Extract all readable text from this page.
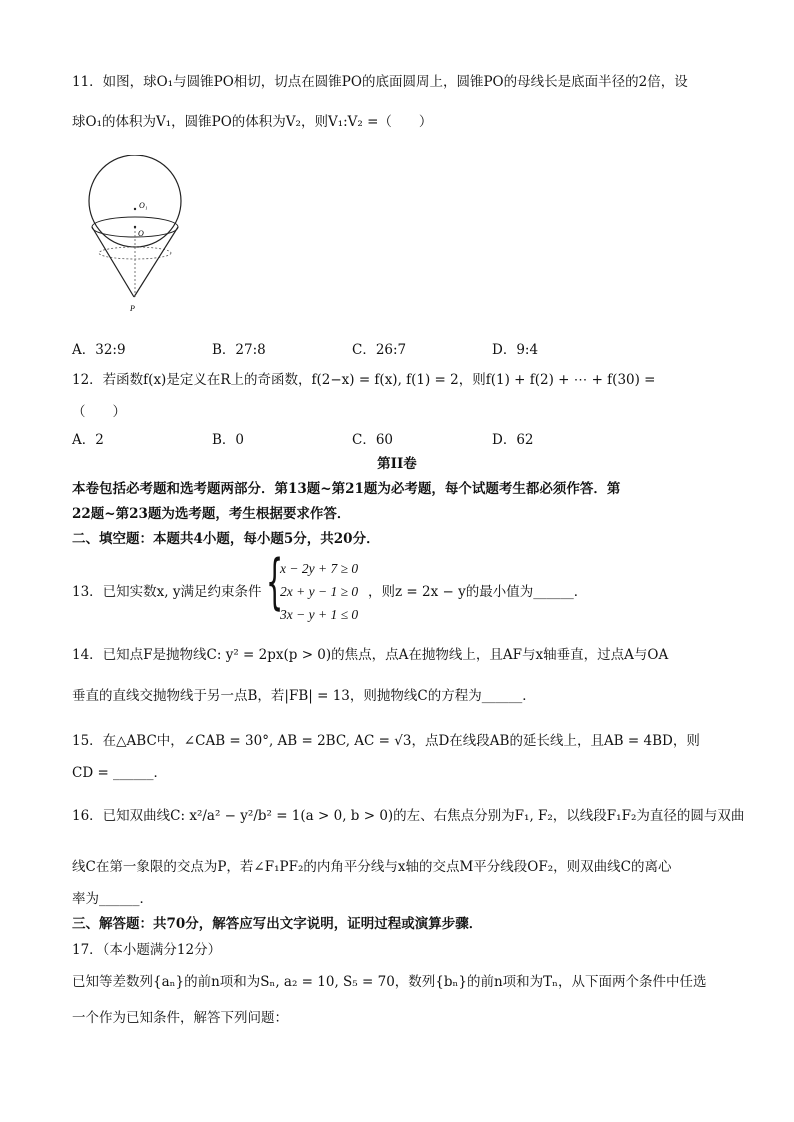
11．如图，球O₁与圆锥PO相切，切点在圆锥PO的底面圆周上，圆锥PO的母线长是底面半径的2倍，设
球O₁的体积为V₁，圆锥PO的体积为V₂，则V₁:V₂ =（　　）
O₁
O
P
A．32:9	B．27:8	C．26:7	D．9:4
12．若函数f(x)是定义在R上的奇函数，f(2−x) = f(x), f(1) = 2，则f(1) + f(2) + ⋯ + f(30) =
（　　）
A．2	B．0	C．60	D．62
第II卷
本卷包括必考题和选考题两部分．第13题~第21题为必考题，每个试题考生都必须作答．第
22题~第23题为选考题，考生根据要求作答．
二、填空题：本题共4小题，每小题5分，共20分．
13．已知实数x, y满足约束条件 {
x − 2y + 7 ≥ 0
2x + y − 1 ≥ 0
3x − y + 1 ≤ 0
，则z = 2x − y的最小值为______．
14．已知点F是抛物线C: y² = 2px(p > 0)的焦点，点A在抛物线上，且AF与x轴垂直，过点A与OA
垂直的直线交抛物线于另一点B，若|FB| = 13，则抛物线C的方程为______．
15．在△ABC中，∠CAB = 30°, AB = 2BC, AC = √3，点D在线段AB的延长线上，且AB = 4BD，则
CD = ______．
16．已知双曲线C: x²/a² − y²/b² = 1(a > 0, b > 0)的左、右焦点分别为F₁, F₂，以线段F₁F₂为直径的圆与双曲
线C在第一象限的交点为P，若∠F₁PF₂的内角平分线与x轴的交点M平分线段OF₂，则双曲线C的离心
率为______．
三、解答题：共70分，解答应写出文字说明，证明过程或演算步骤．
17．（本小题满分12分）
已知等差数列{aₙ}的前n项和为Sₙ, a₂ = 10, S₅ = 70，数列{bₙ}的前n项和为Tₙ，从下面两个条件中任选
一个作为已知条件，解答下列问题：
